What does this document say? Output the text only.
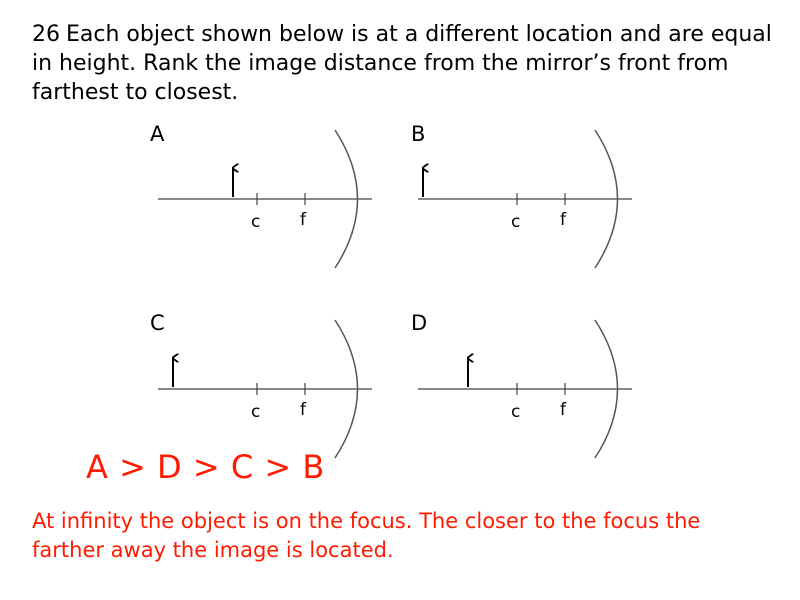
26 Each object shown below is at a different location and are equal in height. Rank the image distance from the mirror’s front from farthest to closest.
A	B
C	D
c f	c f
c f	c f
A > D > C > B

At infinity the object is on the focus. The closer to the focus the farther away the image is located.
